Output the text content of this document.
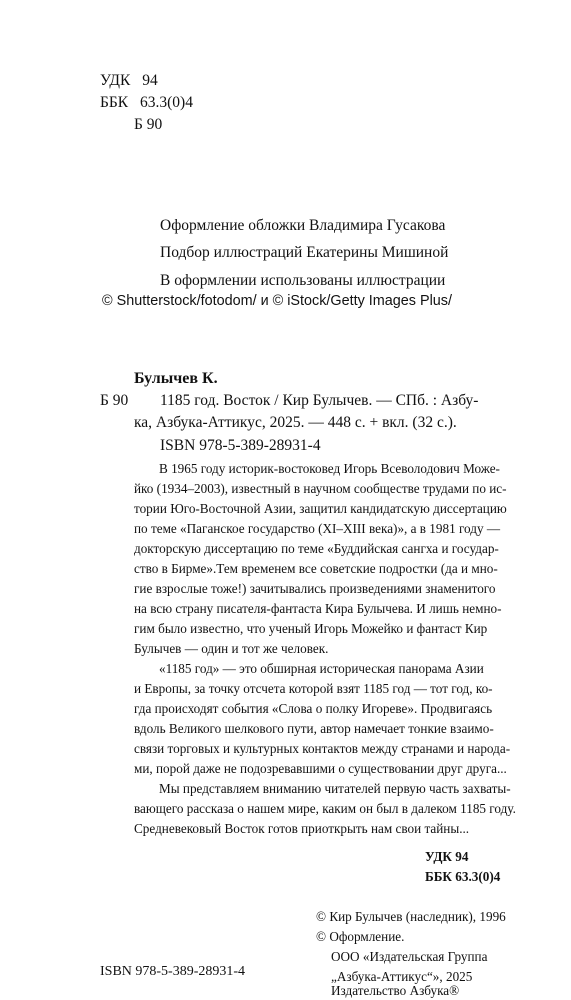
УДК 94
ББК 63.3(0)4
Б 90
Оформление обложки Владимира Гусакова
Подбор иллюстраций Екатерины Мишиной
В оформлении использованы иллюстрации
© Shutterstock/fotodom/ и © iStock/Getty Images Plus/
Булычев К.
Б 90 1185 год. Восток / Кир Булычев. — СПб. : Азбу-
ка, Азбука-Аттикус, 2025. — 448 с. + вкл. (32 с.).
ISBN 978-5-389-28931-4
В 1965 году историк-востоковед Игорь Всеволодович Може-
йко (1934–2003), известный в научном сообществе трудами по ис-
тории Юго-Восточной Азии, защитил кандидатскую диссертацию
по теме «Паганское государство (XI–XIII века)», а в 1981 году —
докторскую диссертацию по теме «Буддийская сангха и государ-
ство в Бирме».Тем временем все советские подростки (да и мно-
гие взрослые тоже!) зачитывались произведениями знаменитого
на всю страну писателя-фантаста Кира Булычева. И лишь немно-
гим было известно, что ученый Игорь Можейко и фантаст Кир
Булычев — один и тот же человек.
«1185 год» — это обширная историческая панорама Азии
и Европы, за точку отсчета которой взят 1185 год — тот год, ко-
гда происходят события «Слова о полку Игореве». Продвигаясь
вдоль Великого шелкового пути, автор намечает тонкие взаимо-
связи торговых и культурных контактов между странами и народа-
ми, порой даже не подозревавшими о существовании друг друга...
Мы представляем вниманию читателей первую часть захваты-
вающего рассказа о нашем мире, каким он был в далеком 1185 году.
Средневековый Восток готов приоткрыть нам свои тайны...
УДК 94
ББК 63.3(0)4
© Кир Булычев (наследник), 1996
© Оформление.
ООО «Издательская Группа
„Азбука-Аттикус“», 2025
Издательство Азбука®
ISBN 978-5-389-28931-4
